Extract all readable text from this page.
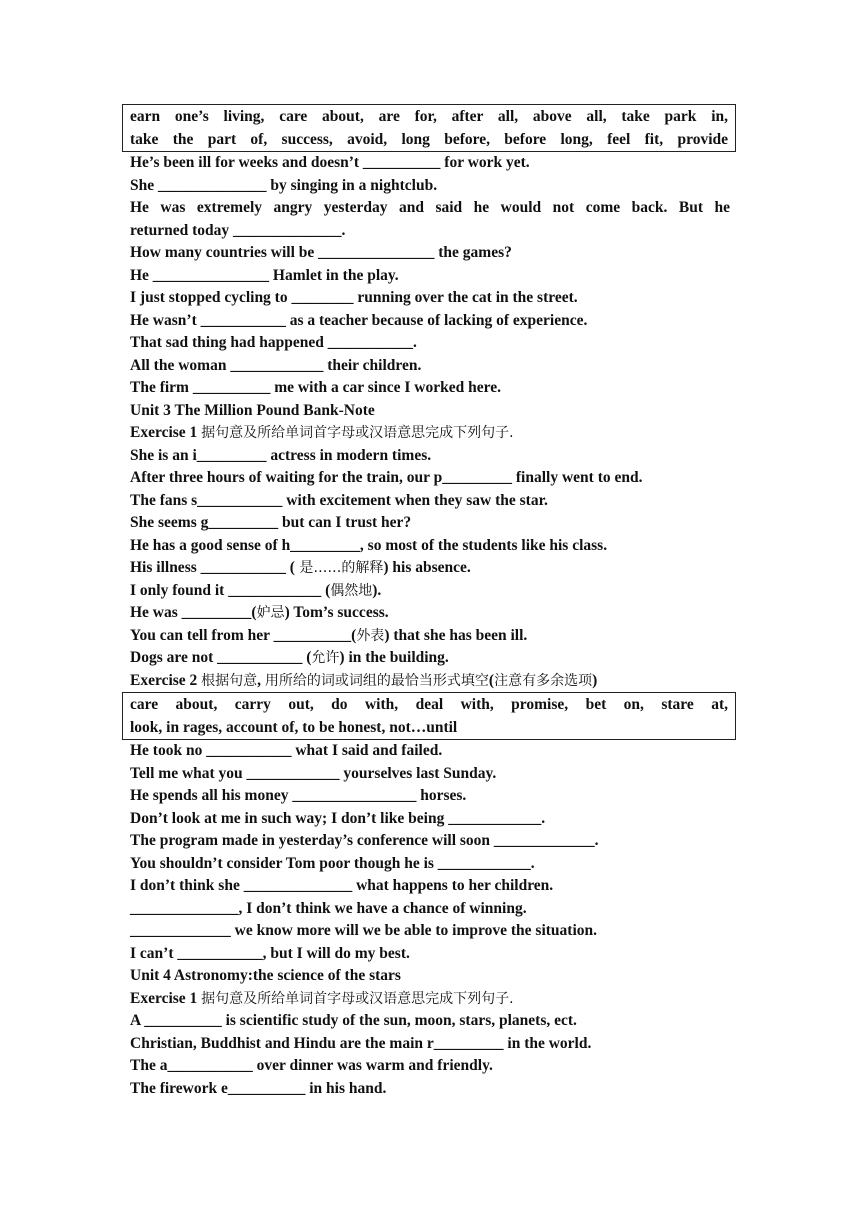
earn one’s living, care about, are for, after all, above all, take park in,
take the part of, success, avoid, long before, before long, feel fit, provide
He’s been ill for weeks and doesn’t __________ for work yet.
She ______________ by singing in a nightclub.
He was extremely angry yesterday and said he would not come back. But he
returned today ______________.
How many countries will be _______________ the games?
He _______________ Hamlet in the play.
I just stopped cycling to ________ running over the cat in the street.
He wasn’t ___________ as a teacher because of lacking of experience.
That sad thing had happened ___________.
All the woman ____________ their children.
The firm __________ me with a car since I worked here.
Unit 3 The Million Pound Bank-Note
Exercise 1 据句意及所给单词首字母或汉语意思完成下列句子.
She is an i_________ actress in modern times.
After three hours of waiting for the train, our p_________ finally went to end.
The fans s___________ with excitement when they saw the star.
She seems g_________ but can I trust her?
He has a good sense of h_________, so most of the students like his class.
His illness ___________ ( 是……的解释) his absence.
I only found it ____________ (偶然地).
He was _________(妒忌) Tom’s success.
You can tell from her __________(外表) that she has been ill.
Dogs are not ___________ (允许) in the building.
Exercise 2 根据句意, 用所给的词或词组的最恰当形式填空(注意有多余选项)
care about, carry out, do with, deal with, promise, bet on, stare at,
look, in rages, account of, to be honest, not…until
He took no ___________ what I said and failed.
Tell me what you ____________ yourselves last Sunday.
He spends all his money ________________ horses.
Don’t look at me in such way; I don’t like being ____________.
The program made in yesterday’s conference will soon _____________.
You shouldn’t consider Tom poor though he is ____________.
I don’t think she ______________ what happens to her children.
______________, I don’t think we have a chance of winning.
_____________ we know more will we be able to improve the situation.
I can’t ___________, but I will do my best.
Unit 4 Astronomy:the science of the stars
Exercise 1 据句意及所给单词首字母或汉语意思完成下列句子.
A __________ is scientific study of the sun, moon, stars, planets, ect.
Christian, Buddhist and Hindu are the main r_________ in the world.
The a___________ over dinner was warm and friendly.
The firework e__________ in his hand.
